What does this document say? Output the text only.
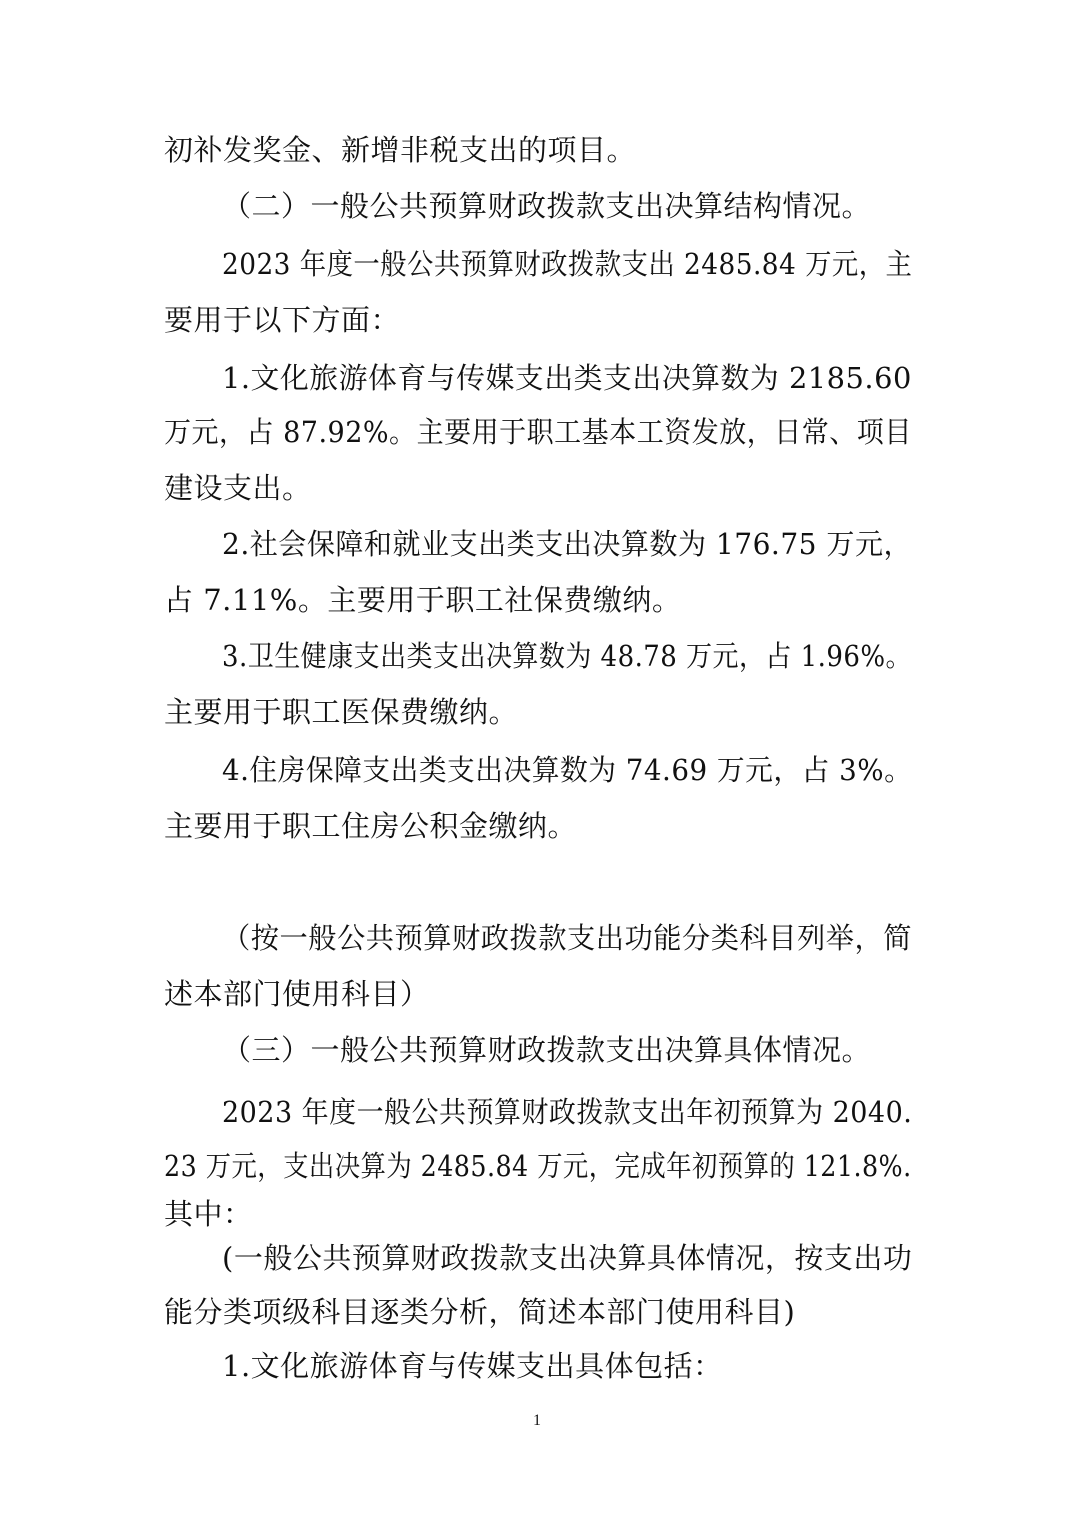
初补发奖金、新增非税支出的项目。
（二）一般公共预算财政拨款支出决算结构情况。
2023 年度一般公共预算财政拨款支出 2485.84 万元，主
要用于以下方面：
1.文化旅游体育与传媒支出类支出决算数为 2185.60
万元，占 87.92%。主要用于职工基本工资发放，日常、项目
建设支出。
2.社会保障和就业支出类支出决算数为 176.75 万元，
占 7.11%。主要用于职工社保费缴纳。
3.卫生健康支出类支出决算数为 48.78 万元，占 1.96%。
主要用于职工医保费缴纳。
4.住房保障支出类支出决算数为 74.69 万元，占 3%。
主要用于职工住房公积金缴纳。
（按一般公共预算财政拨款支出功能分类科目列举，简
述本部门使用科目）
（三）一般公共预算财政拨款支出决算具体情况。
2023 年度一般公共预算财政拨款支出年初预算为 2040.
23 万元，支出决算为 2485.84 万元，完成年初预算的 121.8%.
其中：
(一般公共预算财政拨款支出决算具体情况，按支出功
能分类项级科目逐类分析，简述本部门使用科目)
1.文化旅游体育与传媒支出具体包括：
1
